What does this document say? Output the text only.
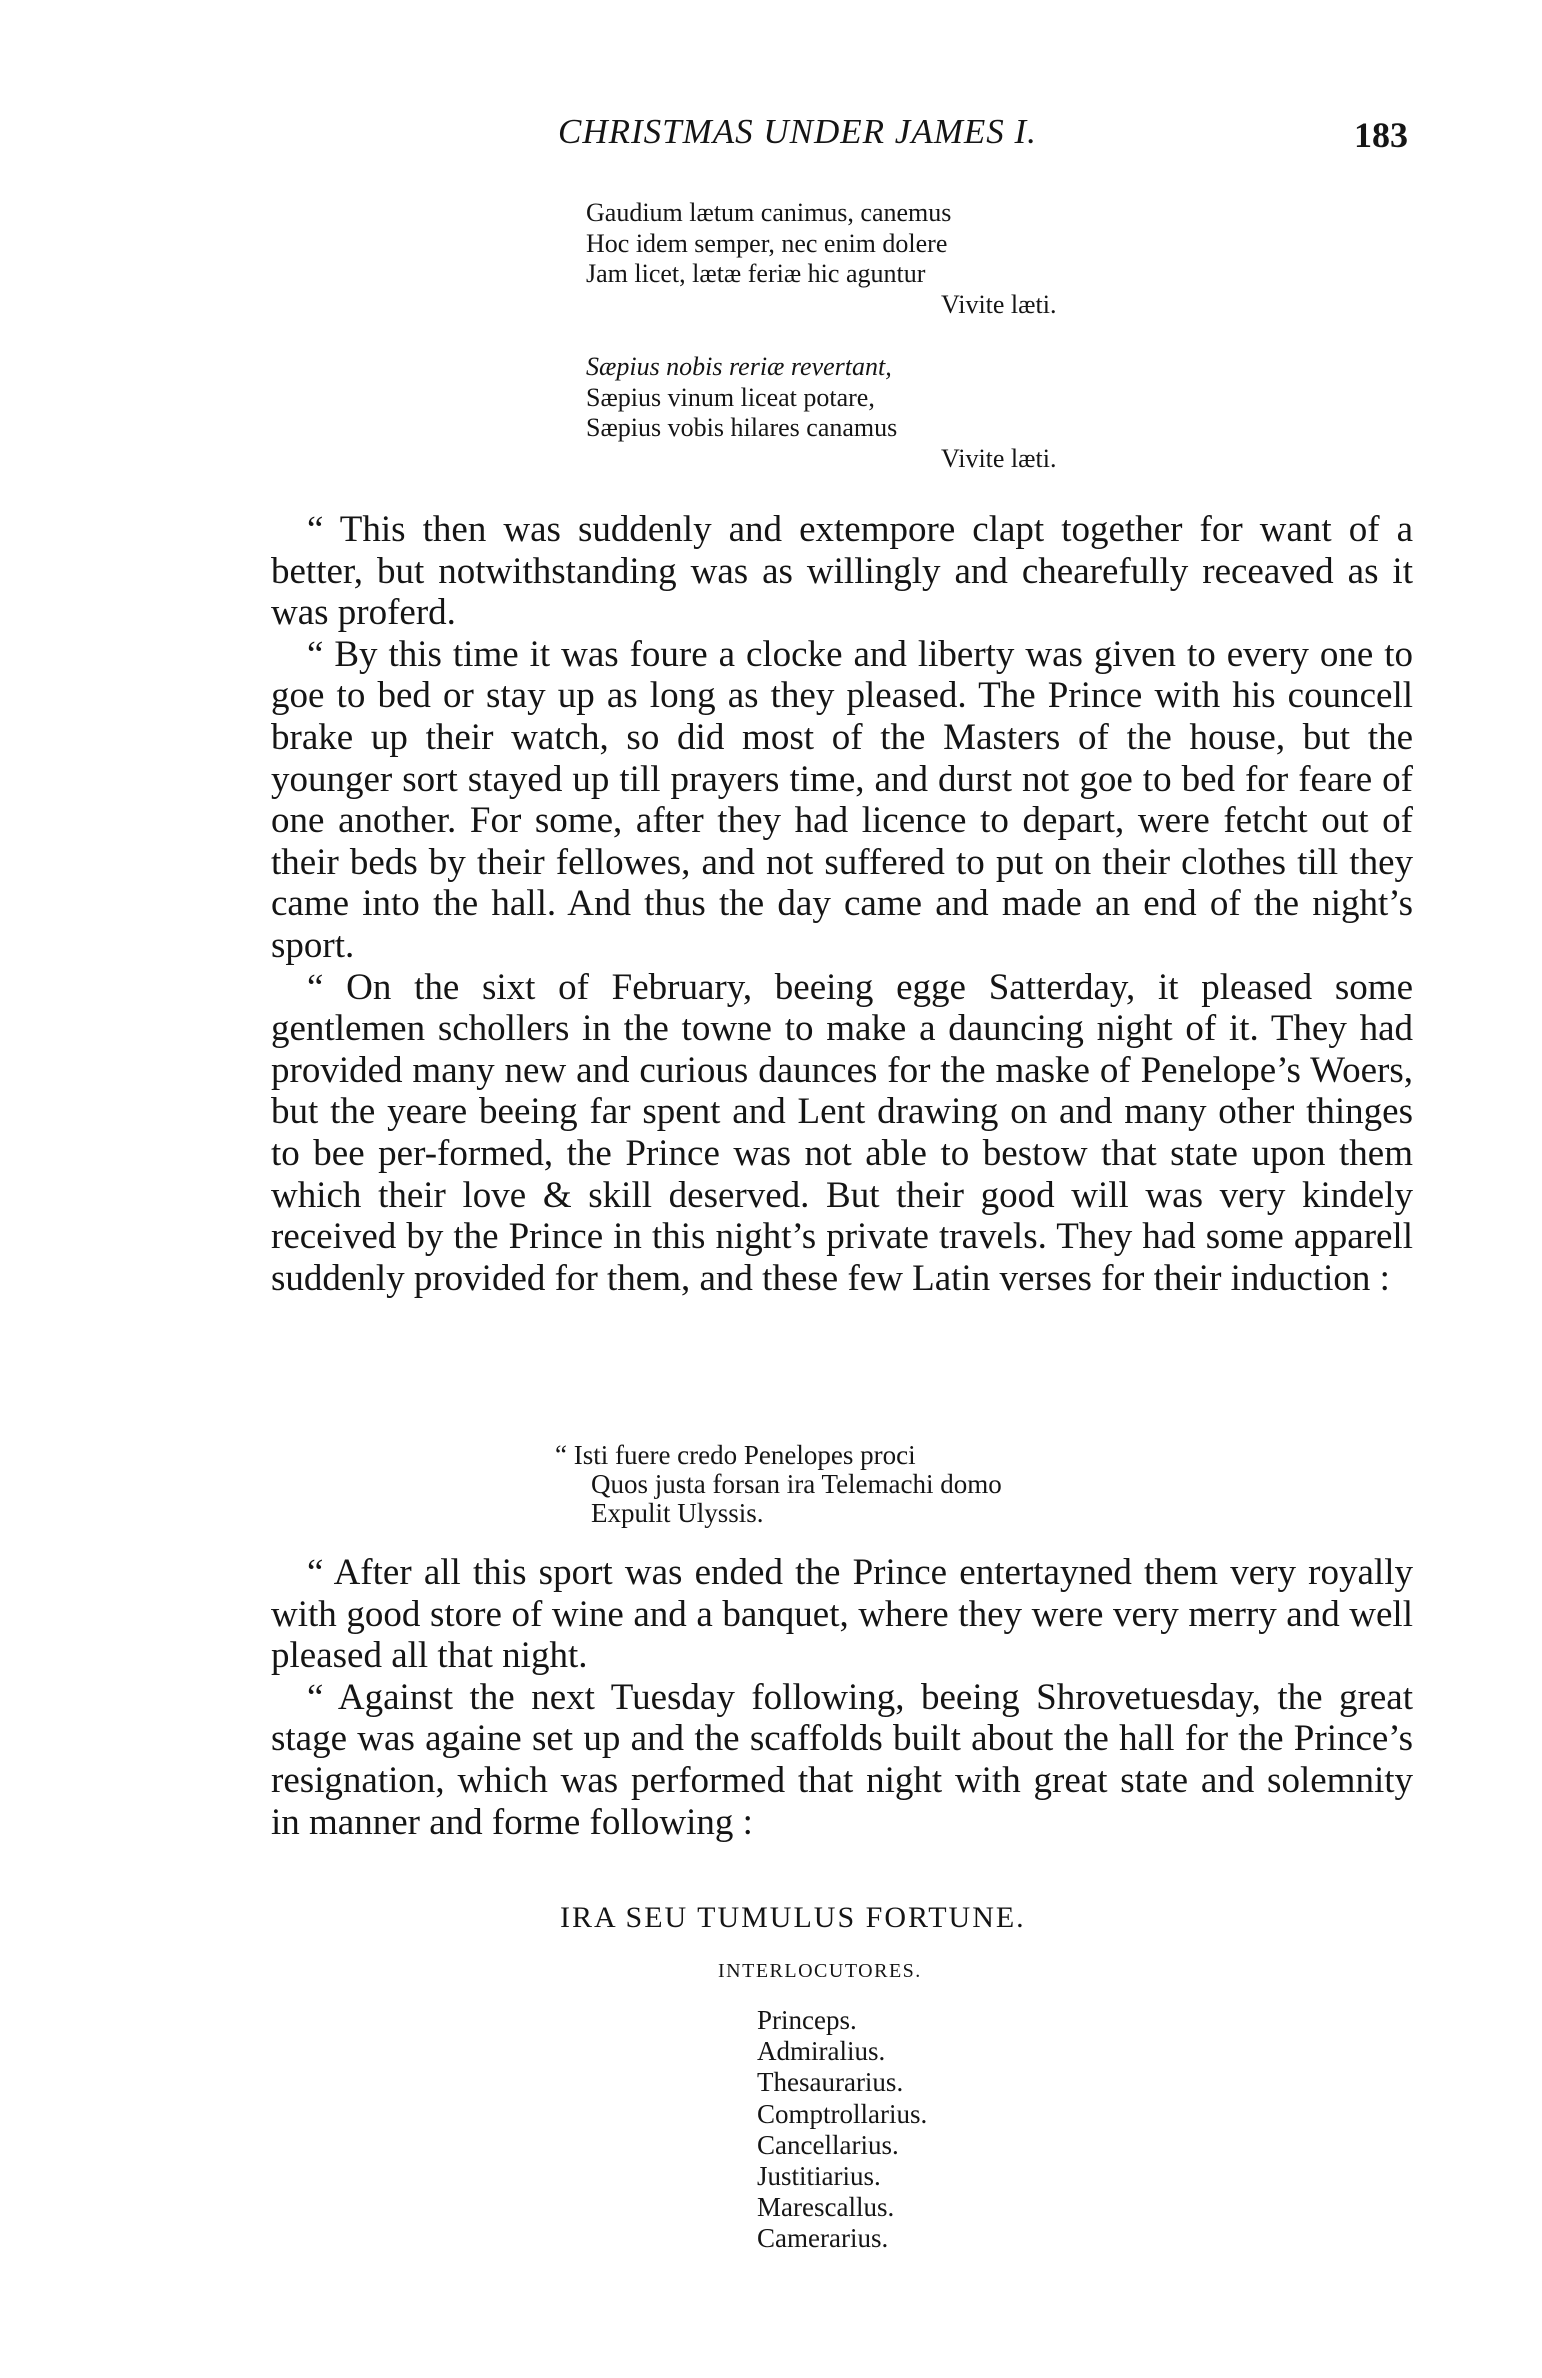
CHRISTMAS UNDER JAMES I.	183
Gaudium lætum canimus, canemus
Hoc idem semper, nec enim dolere
Jam licet, lætæ feriæ hic aguntur
Vivite læti.
Sæpius nobis reriæ revertant,
Sæpius vinum liceat potare,
Sæpius vobis hilares canamus
Vivite læti.

“ This then was suddenly and extempore clapt together for want of a better, but notwithstanding was as willingly and chearefully receaved as it was proferd.

“ By this time it was foure a clocke and liberty was given to every one to goe to bed or stay up as long as they pleased. The Prince with his councell brake up their watch, so did most of the Masters of the house, but the younger sort stayed up till prayers time, and durst not goe to bed for feare of one another. For some, after they had licence to depart, were fetcht out of their beds by their fellowes, and not suffered to put on their clothes till they came into the hall. And thus the day came and made an end of the night’s sport.

“ On the sixt of February, beeing egge Satterday, it pleased some gentlemen schollers in the towne to make a dauncing night of it. They had provided many new and curious daunces for the maske of Penelope’s Woers, but the yeare beeing far spent and Lent drawing on and many other thinges to bee per-formed, the Prince was not able to bestow that state upon them which their love & skill deserved. But their good will was very kindely received by the Prince in this night’s private travels. They had some apparell suddenly provided for them, and these few Latin verses for their induction :

“ Isti fuere credo Penelopes proci
Quos justa forsan ira Telemachi domo
Expulit Ulyssis.

“ After all this sport was ended the Prince entertayned them very royally with good store of wine and a banquet, where they were very merry and well pleased all that night.

“ Against the next Tuesday following, beeing Shrovetuesday, the great stage was againe set up and the scaffolds built about the hall for the Prince’s resignation, which was performed that night with great state and solemnity in manner and forme following :

IRA SEU TUMULUS FORTUNE.
INTERLOCUTORES.
Princeps.
Admiralius.
Thesaurarius.
Comptrollarius.
Cancellarius.
Justitiarius.
Marescallus.
Camerarius.
